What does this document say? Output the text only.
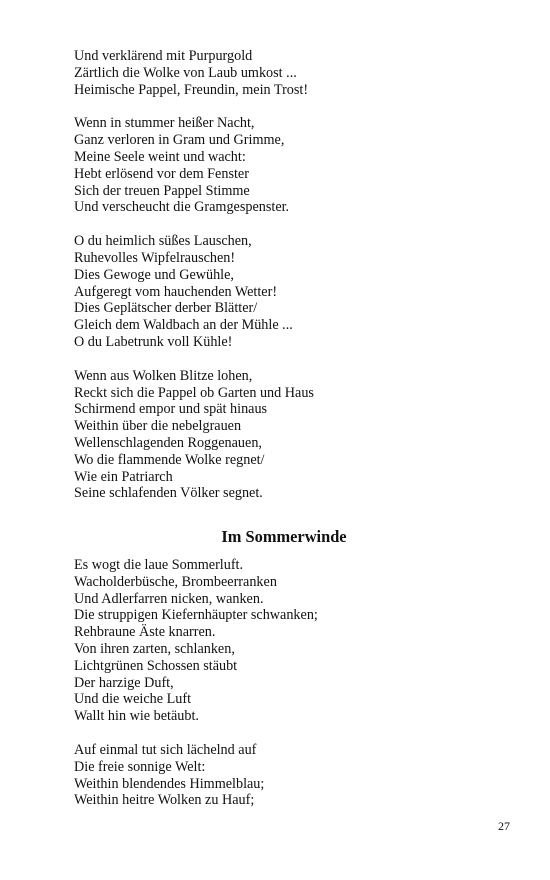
Und verklärend mit Purpurgold
Zärtlich die Wolke von Laub umkost ...
Heimische Pappel, Freundin, mein Trost!
Wenn in stummer heißer Nacht,
Ganz verloren in Gram und Grimme,
Meine Seele weint und wacht:
Hebt erlösend vor dem Fenster
Sich der treuen Pappel Stimme
Und verscheucht die Gramgespenster.
O du heimlich süßes Lauschen,
Ruhevolles Wipfelrauschen!
Dies Gewoge und Gewühle,
Aufgeregt vom hauchenden Wetter!
Dies Geplätscher derber Blätter/
Gleich dem Waldbach an der Mühle ...
O du Labetrunk voll Kühle!
Wenn aus Wolken Blitze lohen,
Reckt sich die Pappel ob Garten und Haus
Schirmend empor und spät hinaus
Weithin über die nebelgrauen
Wellenschlagenden Roggenauen,
Wo die flammende Wolke regnet/
Wie ein Patriarch
Seine schlafenden Völker segnet.
Im Sommerwinde
Es wogt die laue Sommerluft.
Wacholderbüsche, Brombeerranken
Und Adlerfarren nicken, wanken.
Die struppigen Kiefernhäupter schwanken;
Rehbraune Äste knarren.
Von ihren zarten, schlanken,
Lichtgrünen Schossen stäubt
Der harzige Duft,
Und die weiche Luft
Wallt hin wie betäubt.
Auf einmal tut sich lächelnd auf
Die freie sonnige Welt:
Weithin blendendes Himmelblau;
Weithin heitre Wolken zu Hauf;
27
